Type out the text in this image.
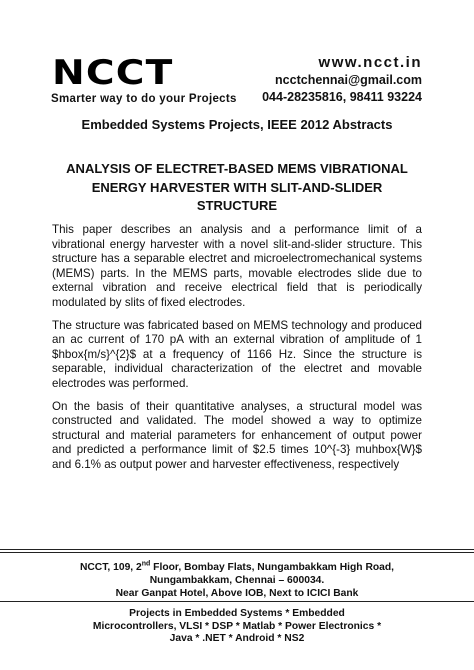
NCCT
Smarter way to do your Projects
www.ncct.in
ncctchennai@gmail.com
044-28235816, 98411 93224
Embedded Systems Projects, IEEE 2012 Abstracts
ANALYSIS OF ELECTRET-BASED MEMS VIBRATIONAL ENERGY HARVESTER WITH SLIT-AND-SLIDER STRUCTURE

This paper describes an analysis and a performance limit of a vibrational energy harvester with a novel slit-and-slider structure. This structure has a separable electret and microelectromechanical systems (MEMS) parts. In the MEMS parts, movable electrodes slide due to external vibration and receive electrical field that is periodically modulated by slits of fixed electrodes.

The structure was fabricated based on MEMS technology and produced an ac current of 170 pA with an external vibration of amplitude of 1 $hbox{m/s}^{2}$ at a frequency of 1166 Hz. Since the structure is separable, individual characterization of the electret and movable electrodes was performed.

On the basis of their quantitative analyses, a structural model was constructed and validated. The model showed a way to optimize structural and material parameters for enhancement of output power and predicted a performance limit of $2.5 times 10^{-3} muhbox{W}$ and 6.1% as output power and harvester effectiveness, respectively

NCCT, 109, 2nd Floor, Bombay Flats, Nungambakkam High Road,
Nungambakkam, Chennai – 600034.
Near Ganpat Hotel, Above IOB, Next to ICICI Bank
Projects in Embedded Systems * Embedded
Microcontrollers, VLSI * DSP * Matlab * Power Electronics *
Java * .NET * Android * NS2
